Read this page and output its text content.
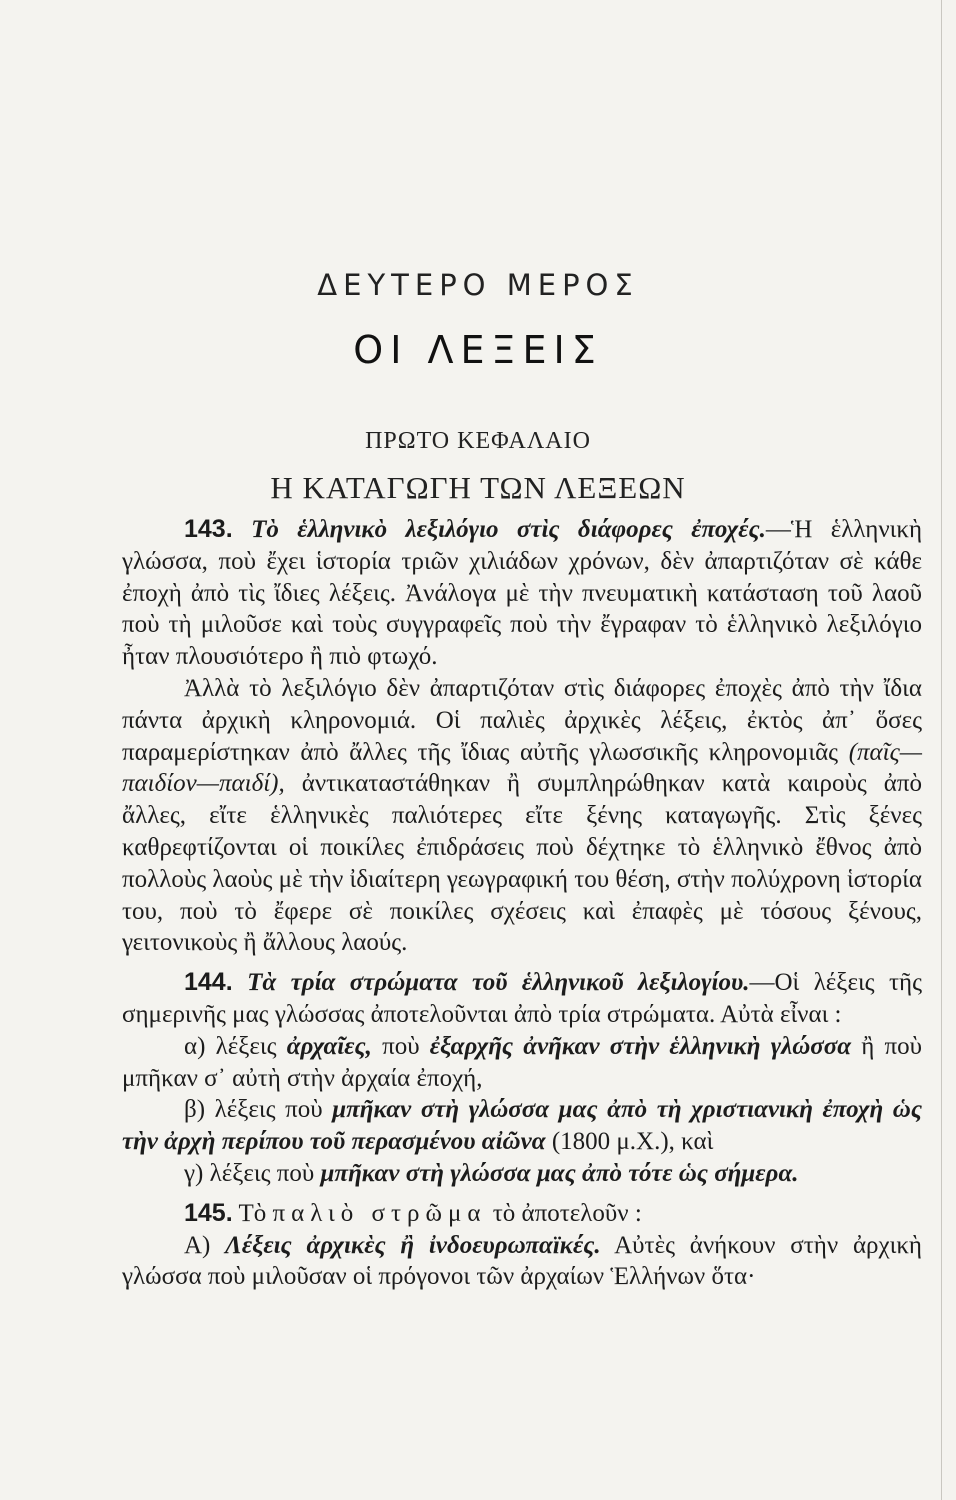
ΔΕΥΤΕΡΟ ΜΕΡΟΣ
ΟΙ ΛΕΞΕΙΣ
ΠΡΩΤΟ ΚΕΦΑΛΑΙΟ
Η ΚΑΤΑΓΩΓΗ ΤΩΝ ΛΕΞΕΩΝ

143. Τὸ ἑλληνικὸ λεξιλόγιο στὶς διάφορες ἐποχές.—Ἡ ἑλληνικὴ γλώσσα, ποὺ ἔχει ἱστορία τριῶν χιλιάδων χρόνων, δὲν ἀπαρτιζόταν σὲ κάθε ἐποχὴ ἀπὸ τὶς ἴδιες λέξεις. Ἀνάλογα μὲ τὴν πνευματικὴ κατάσταση τοῦ λαοῦ ποὺ τὴ μιλοῦσε καὶ τοὺς συγγραφεῖς ποὺ τὴν ἔγραφαν τὸ ἑλληνικὸ λεξιλόγιο ἦταν πλουσιότερο ἢ πιὸ φτωχό.

Ἀλλὰ τὸ λεξιλόγιο δὲν ἀπαρτιζόταν στὶς διάφορες ἐποχὲς ἀπὸ τὴν ἴδια πάντα ἀρχικὴ κληρονομιά. Οἱ παλιὲς ἀρχικὲς λέξεις, ἐκτὸς ἀπ᾽ ὅσες παραμερίστηκαν ἀπὸ ἄλλες τῆς ἴδιας αὐτῆς γλωσσικῆς κληρονομιᾶς (παῖς—παιδίον—παιδί), ἀντικαταστάθηκαν ἢ συμπληρώθηκαν κατὰ καιροὺς ἀπὸ ἄλλες, εἴτε ἑλληνικὲς παλιότερες εἴτε ξένης καταγωγῆς. Στὶς ξένες καθρεφτίζονται οἱ ποικίλες ἐπιδράσεις ποὺ δέχτηκε τὸ ἑλληνικὸ ἔθνος ἀπὸ πολλοὺς λαοὺς μὲ τὴν ἰδιαίτερη γεωγραφική του θέση, στὴν πολύχρονη ἱστορία του, ποὺ τὸ ἔφερε σὲ ποικίλες σχέσεις καὶ ἐπαφὲς μὲ τόσους ξένους, γειτονικοὺς ἢ ἄλλους λαούς.

144. Τὰ τρία στρώματα τοῦ ἑλληνικοῦ λεξιλογίου.—Οἱ λέξεις τῆς σημερινῆς μας γλώσσας ἀποτελοῦνται ἀπὸ τρία στρώματα. Αὐτὰ εἶναι :

α) λέξεις ἀρχαῖες, ποὺ ἐξαρχῆς ἀνῆκαν στὴν ἑλληνικὴ γλώσσα ἢ ποὺ μπῆκαν σ᾽ αὐτὴ στὴν ἀρχαία ἐποχή,

β) λέξεις ποὺ μπῆκαν στὴ γλώσσα μας ἀπὸ τὴ χριστιανικὴ ἐποχὴ ὡς τὴν ἀρχὴ περίπου τοῦ περασμένου αἰῶνα (1800 μ.Χ.), καὶ

γ) λέξεις ποὺ μπῆκαν στὴ γλώσσα μας ἀπὸ τότε ὡς σήμερα.

145. Τὸ παλιὸ στρῶμα τὸ ἀποτελοῦν :

Α) Λέξεις ἀρχικὲς ἢ ἰνδοευρωπαϊκές. Αὐτὲς ἀνήκουν στὴν ἀρχικὴ γλώσσα ποὺ μιλοῦσαν οἱ πρόγονοι τῶν ἀρχαίων Ἑλλήνων ὅτα·
